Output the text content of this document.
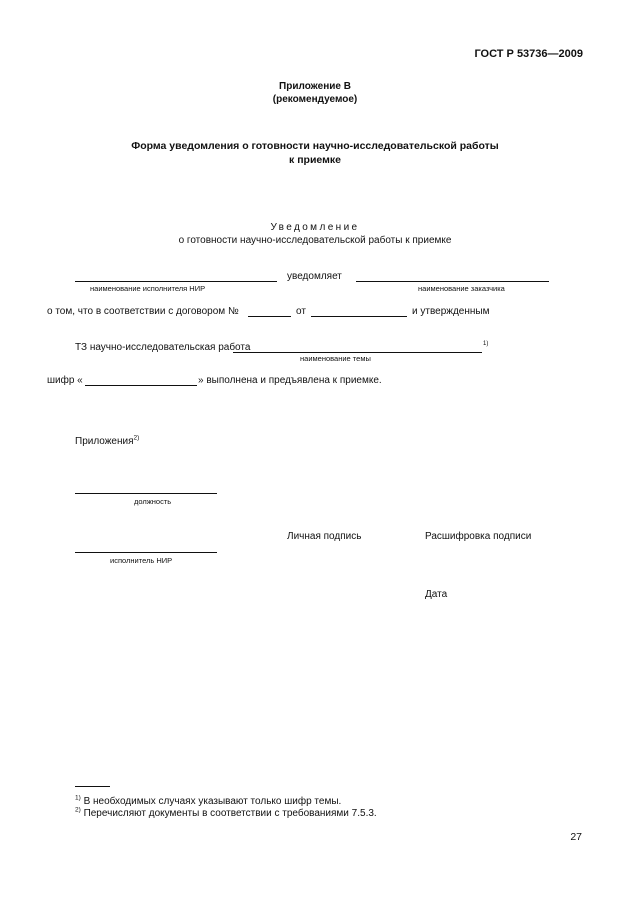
ГОСТ Р 53736—2009
Приложение В
(рекомендуемое)
Форма уведомления о готовности научно-исследовательской работы
к приемке
Уведомление
о готовности научно-исследовательской работы к приемке
наименование исполнителя НИР
уведомляет
наименование заказчика
о том, что в соответствии с договором №	от	и утвержденным
ТЗ научно-исследовательская работа	1)
наименование темы
шифр «	» выполнена и предъявлена к приемке.
Приложения$^{2)}$
должность
Личная подпись	Расшифровка подписи
исполнитель НИР
Дата
$^{1)}$ В необходимых случаях указывают только шифр темы.
$^{2)}$ Перечисляют документы в соответствии с требованиями 7.5.3.
27
